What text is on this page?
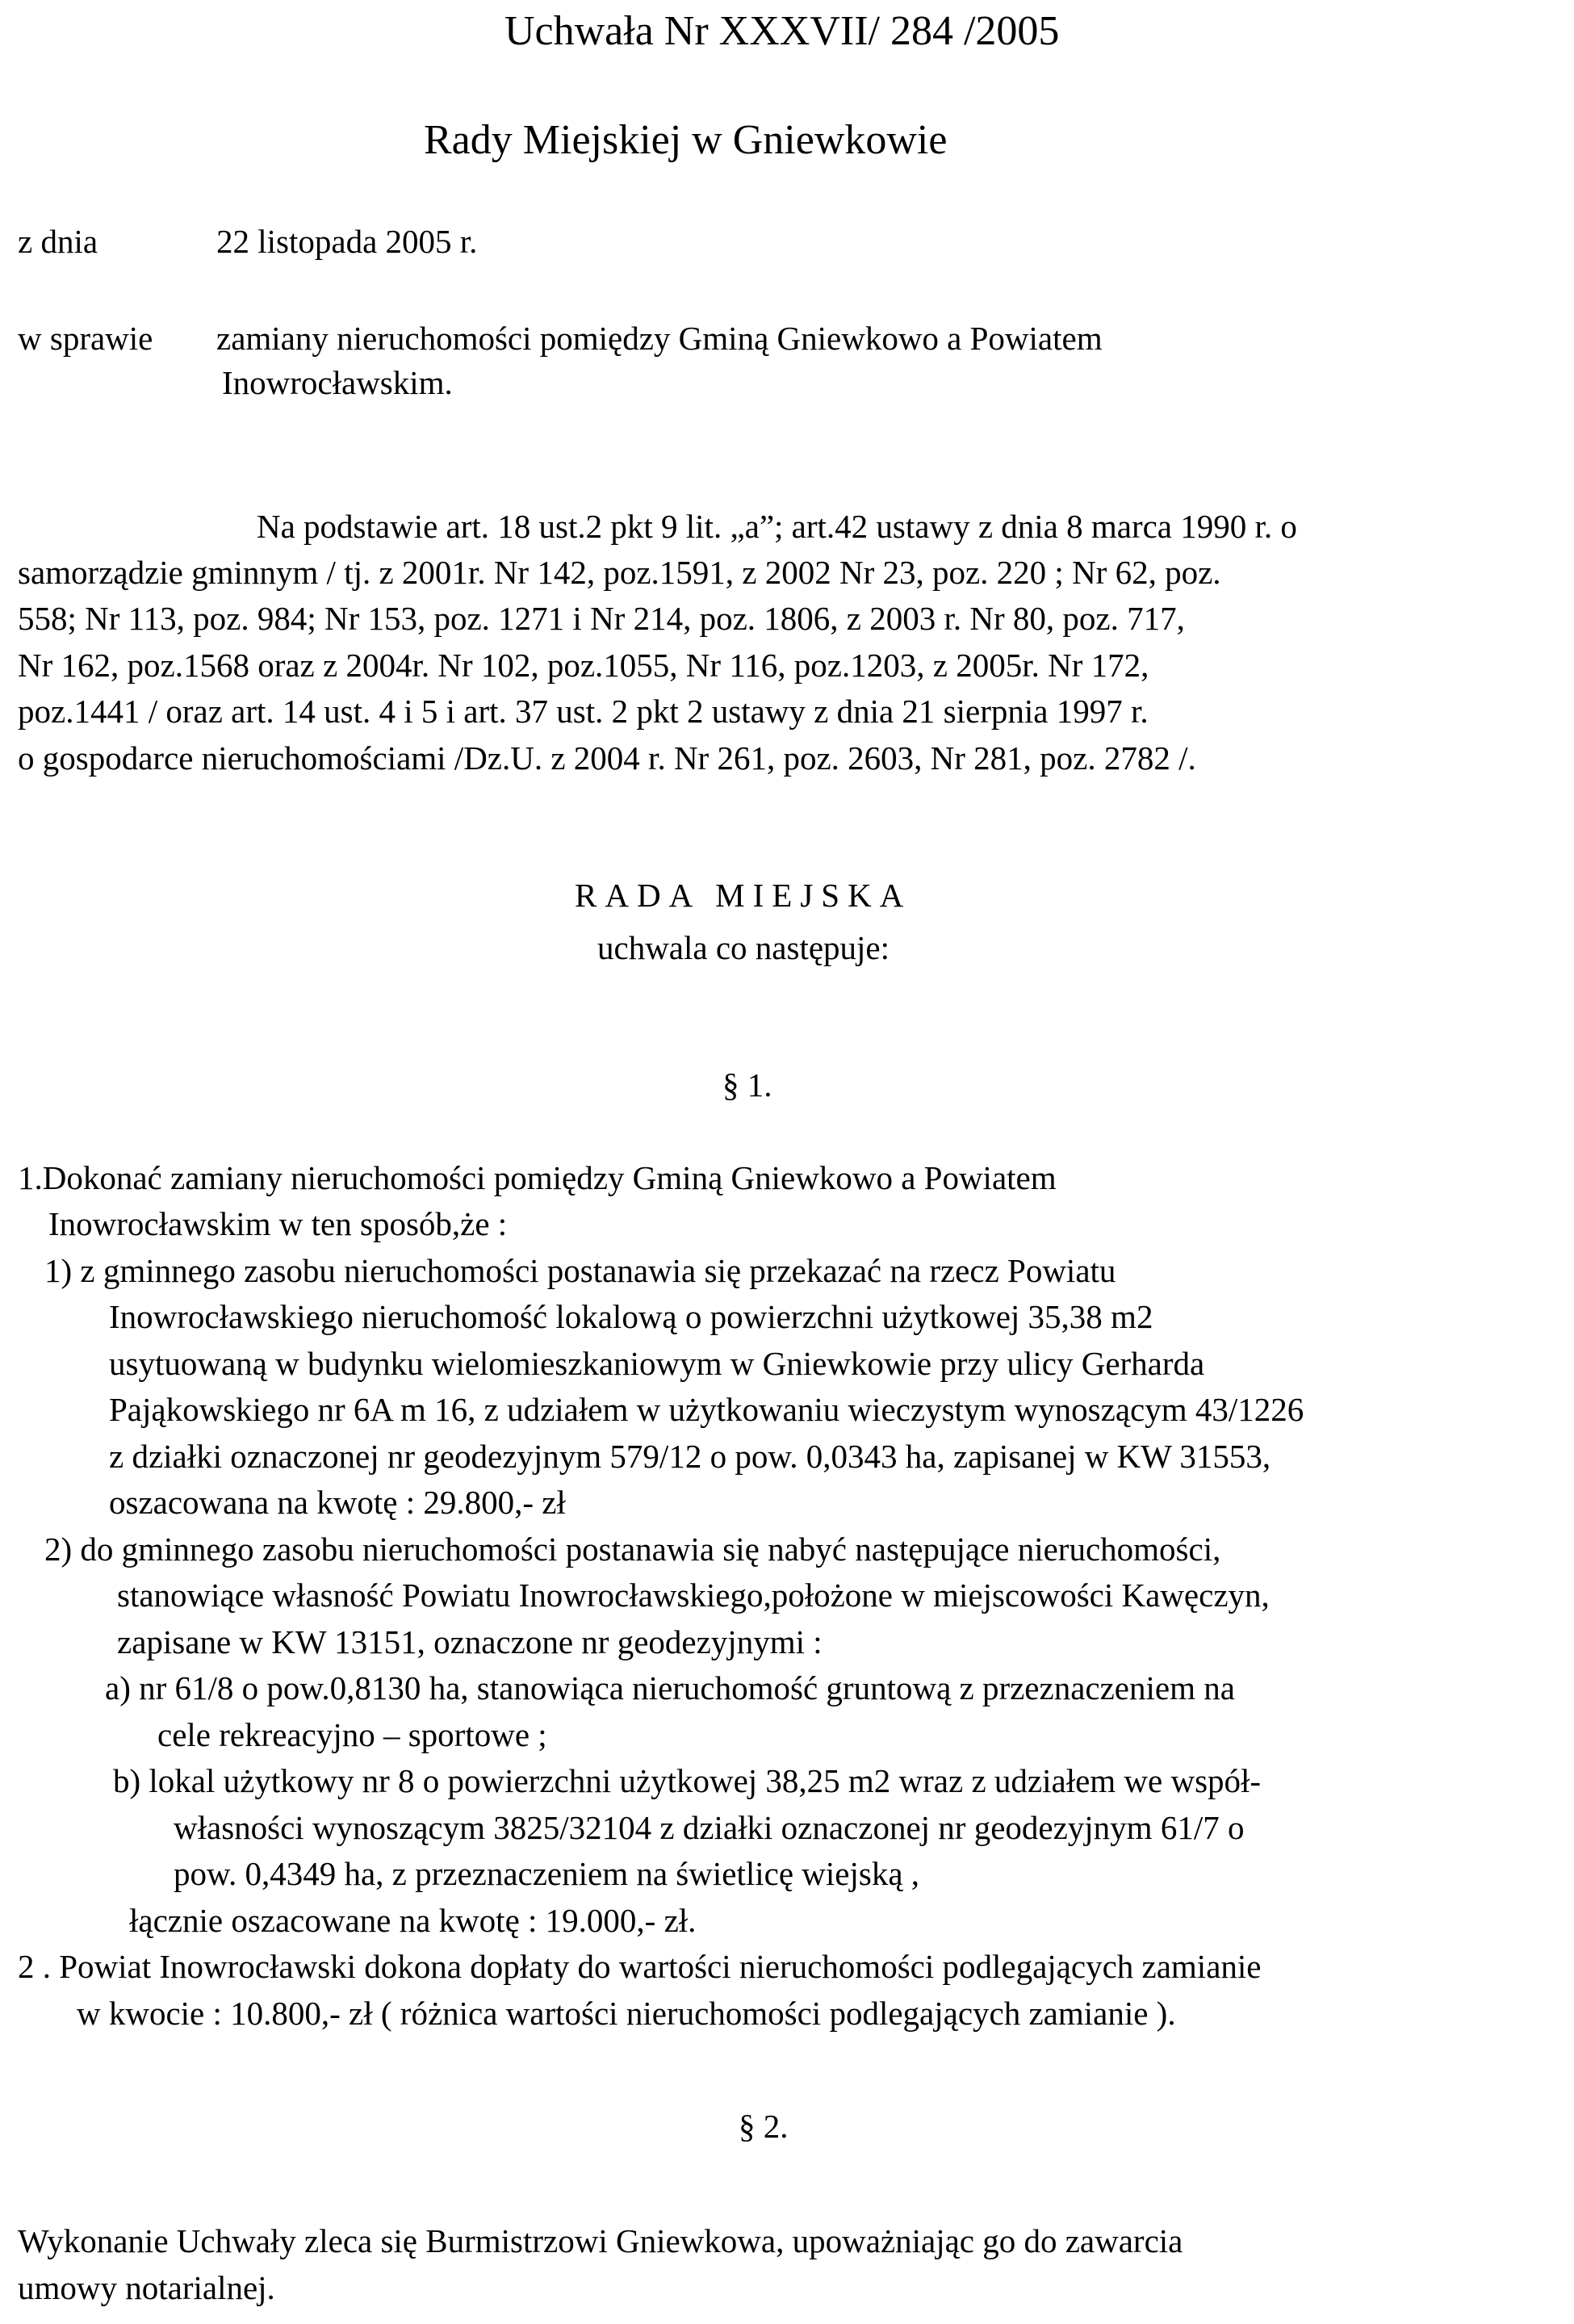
Uchwała Nr XXXVII/ 284 /2005
Rady Miejskiej w Gniewkowie
z dnia	22 listopada 2005 r.
w sprawie zamiany nieruchomości pomiędzy Gminą Gniewkowo a Powiatem
Inowrocławskim.
Na podstawie art. 18 ust.2 pkt 9 lit. „a”; art.42 ustawy z dnia 8 marca 1990 r. o
samorządzie gminnym / tj. z 2001r. Nr 142, poz.1591, z 2002 Nr 23, poz. 220 ; Nr 62, poz.
558; Nr 113, poz. 984; Nr 153, poz. 1271 i Nr 214, poz. 1806, z 2003 r. Nr 80, poz. 717,
Nr 162, poz.1568 oraz z 2004r. Nr 102, poz.1055, Nr 116, poz.1203, z 2005r. Nr 172,
poz.1441 / oraz art. 14 ust. 4 i 5 i art. 37 ust. 2 pkt 2 ustawy z dnia 21 sierpnia 1997 r.
o gospodarce nieruchomościami /Dz.U. z 2004 r. Nr 261, poz. 2603, Nr 281, poz. 2782 /.
RADA MIEJSKA
uchwala co następuje:
§ 1.
1.Dokonać zamiany nieruchomości pomiędzy Gminą Gniewkowo a Powiatem
Inowrocławskim w ten sposób,że :
1) z gminnego zasobu nieruchomości postanawia się przekazać na rzecz Powiatu
Inowrocławskiego nieruchomość lokalową o powierzchni użytkowej 35,38 m2
usytuowaną w budynku wielomieszkaniowym w Gniewkowie przy ulicy Gerharda
Pająkowskiego nr 6A m 16, z udziałem w użytkowaniu wieczystym wynoszącym 43/1226
z działki oznaczonej nr geodezyjnym 579/12 o pow. 0,0343 ha, zapisanej w KW 31553,
oszacowana na kwotę : 29.800,- zł
2) do gminnego zasobu nieruchomości postanawia się nabyć następujące nieruchomości,
stanowiące własność Powiatu Inowrocławskiego,położone w miejscowości Kawęczyn,
zapisane w KW 13151, oznaczone nr geodezyjnymi :
a) nr 61/8 o pow.0,8130 ha, stanowiąca nieruchomość gruntową z przeznaczeniem na
cele rekreacyjno – sportowe ;
b) lokal użytkowy nr 8 o powierzchni użytkowej 38,25 m2 wraz z udziałem we współ-
własności wynoszącym 3825/32104 z działki oznaczonej nr geodezyjnym 61/7 o
pow. 0,4349 ha, z przeznaczeniem na świetlicę wiejską ,
łącznie oszacowane na kwotę : 19.000,- zł.
2 . Powiat Inowrocławski dokona dopłaty do wartości nieruchomości podlegających zamianie
w kwocie : 10.800,- zł ( różnica wartości nieruchomości podlegających zamianie ).
§ 2.
Wykonanie Uchwały zleca się Burmistrzowi Gniewkowa, upoważniając go do zawarcia
umowy notarialnej.
